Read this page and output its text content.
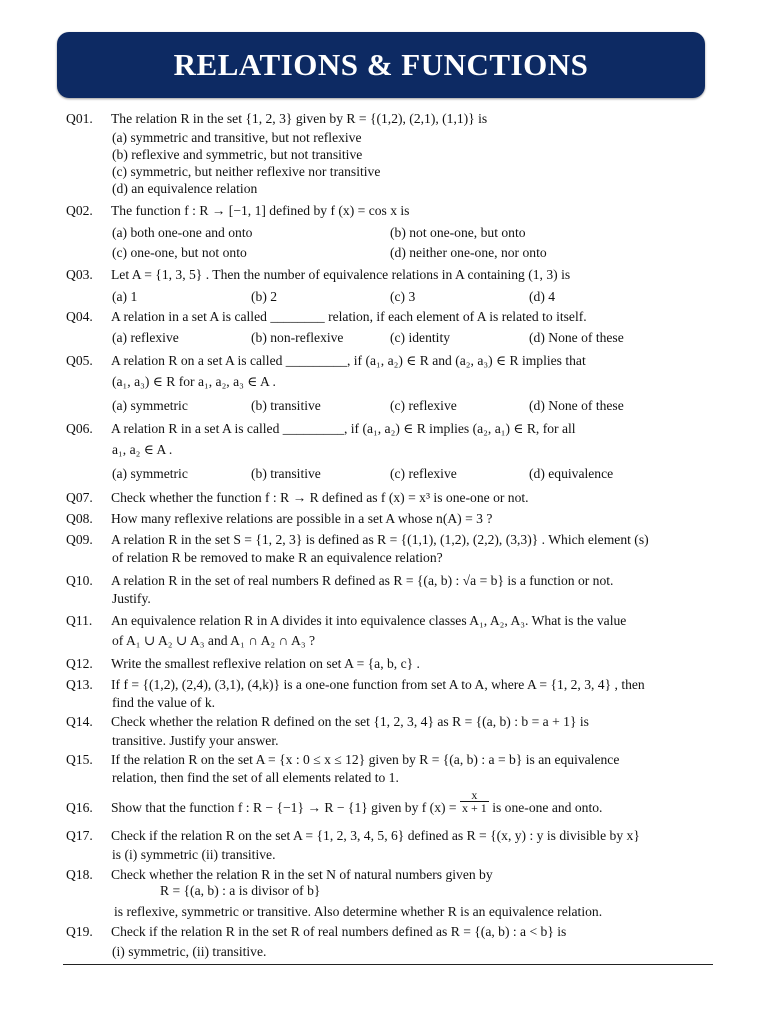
RELATIONS & FUNCTIONS
Q01.	The relation R in the set {1, 2, 3} given by R = {(1,2), (2,1), (1,1)} is
(a) symmetric and transitive, but not reflexive
(b) reflexive and symmetric, but not transitive
(c) symmetric, but neither reflexive nor transitive
(d) an equivalence relation
Q02.	The function f : R → [−1, 1] defined by f (x) = cos x is
(a) both one-one and onto	(b) not one-one, but onto
(c) one-one, but not onto	(d) neither one-one, nor onto
Q03.	Let A = {1, 3, 5} . Then the number of equivalence relations in A containing (1, 3) is
(a) 1	(b) 2	(c) 3	(d) 4
Q04.	A relation in a set A is called ________ relation, if each element of A is related to itself.
(a) reflexive	(b) non-reflexive	(c) identity	(d) None of these
Q05.	A relation R on a set A is called _________, if (a₁, a₂) ∈ R and (a₂, a₃) ∈ R implies that
(a₁, a₃) ∈ R for a₁, a₂, a₃ ∈ A .
(a) symmetric	(b) transitive	(c) reflexive	(d) None of these
Q06.	A relation R in a set A is called _________, if (a₁, a₂) ∈ R implies (a₂, a₁) ∈ R, for all
a₁, a₂ ∈ A .
(a) symmetric	(b) transitive	(c) reflexive	(d) equivalence
Q07.	Check whether the function f : R → R defined as f (x) = x³ is one-one or not.
Q08.	How many reflexive relations are possible in a set A whose n(A) = 3 ?
Q09.	A relation R in the set S = {1, 2, 3} is defined as R = {(1,1), (1,2), (2,2), (3,3)} . Which element (s)
of relation R be removed to make R an equivalence relation?
Q10.	A relation R in the set of real numbers R defined as R = {(a, b) : √a = b} is a function or not.
Justify.
Q11.	An equivalence relation R in A divides it into equivalence classes A₁, A₂, A₃. What is the value
of A₁ ∪ A₂ ∪ A₃ and A₁ ∩ A₂ ∩ A₃ ?
Q12.	Write the smallest reflexive relation on set A = {a, b, c} .
Q13.	If f = {(1,2), (2,4), (3,1), (4,k)} is a one-one function from set A to A, where A = {1, 2, 3, 4} , then
find the value of k.
Q14.	Check whether the relation R defined on the set {1, 2, 3, 4} as R = {(a, b) : b = a + 1} is
transitive. Justify your answer.
Q15.	If the relation R on the set A = {x : 0 ≤ x ≤ 12} given by R = {(a, b) : a = b} is an equivalence
relation, then find the set of all elements related to 1.
Q16.	Show that the function f : R − {−1} → R − {1} given by f $(x) = \frac{x}{x + 1}$ is one-one and onto.
Q17.	Check if the relation R on the set A = {1, 2, 3, 4, 5, 6} defined as R = {(x, y) : y is divisible by x}
is (i) symmetric (ii) transitive.
Q18.	Check whether the relation R in the set N of natural numbers given by
R = {(a, b) : a is divisor of b}
is reflexive, symmetric or transitive. Also determine whether R is an equivalence relation.
Q19.	Check if the relation R in the set R of real numbers defined as R = {(a, b) : a < b} is
(i) symmetric, (ii) transitive.
